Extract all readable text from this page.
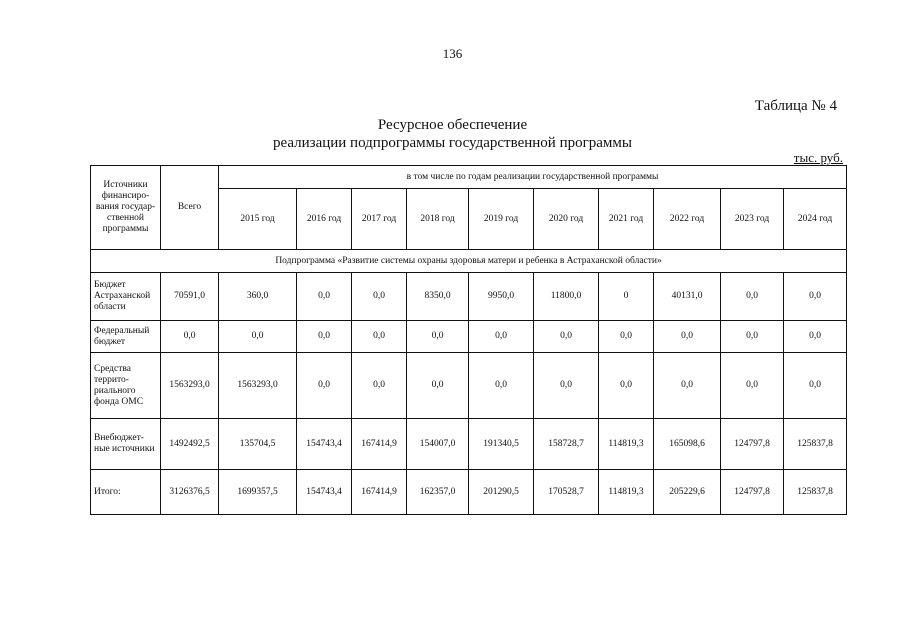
136
Таблица № 4
Ресурсное обеспечение
реализации подпрограммы государственной программы
тыс. руб.
Источники финансиро-вания государ-ственной программы	Всего	в том числе по годам реализации государственной программы									
		2015 год	2016 год	2017 год	2018 год	2019 год	2020 год	2021 год	2022 год	2023 год	2024 год
Подпрограмма «Развитие системы охраны здоровья матери и ребенка в Астраханской области»											
Бюджет Астраханской области	70591,0	360,0	0,0	0,0	8350,0	9950,0	11800,0	0	40131,0	0,0	0,0
Федеральный бюджет	0,0	0,0	0,0	0,0	0,0	0,0	0,0	0,0	0,0	0,0	0,0
Средства террито-риального фонда ОМС	1563293,0	1563293,0	0,0	0,0	0,0	0,0	0,0	0,0	0,0	0,0	0,0
Внебюджет-ные источники	1492492,5	135704,5	154743,4	167414,9	154007,0	191340,5	158728,7	114819,3	165098,6	124797,8	125837,8
Итого:	3126376,5	1699357,5	154743,4	167414,9	162357,0	201290,5	170528,7	114819,3	205229,6	124797,8	125837,8
